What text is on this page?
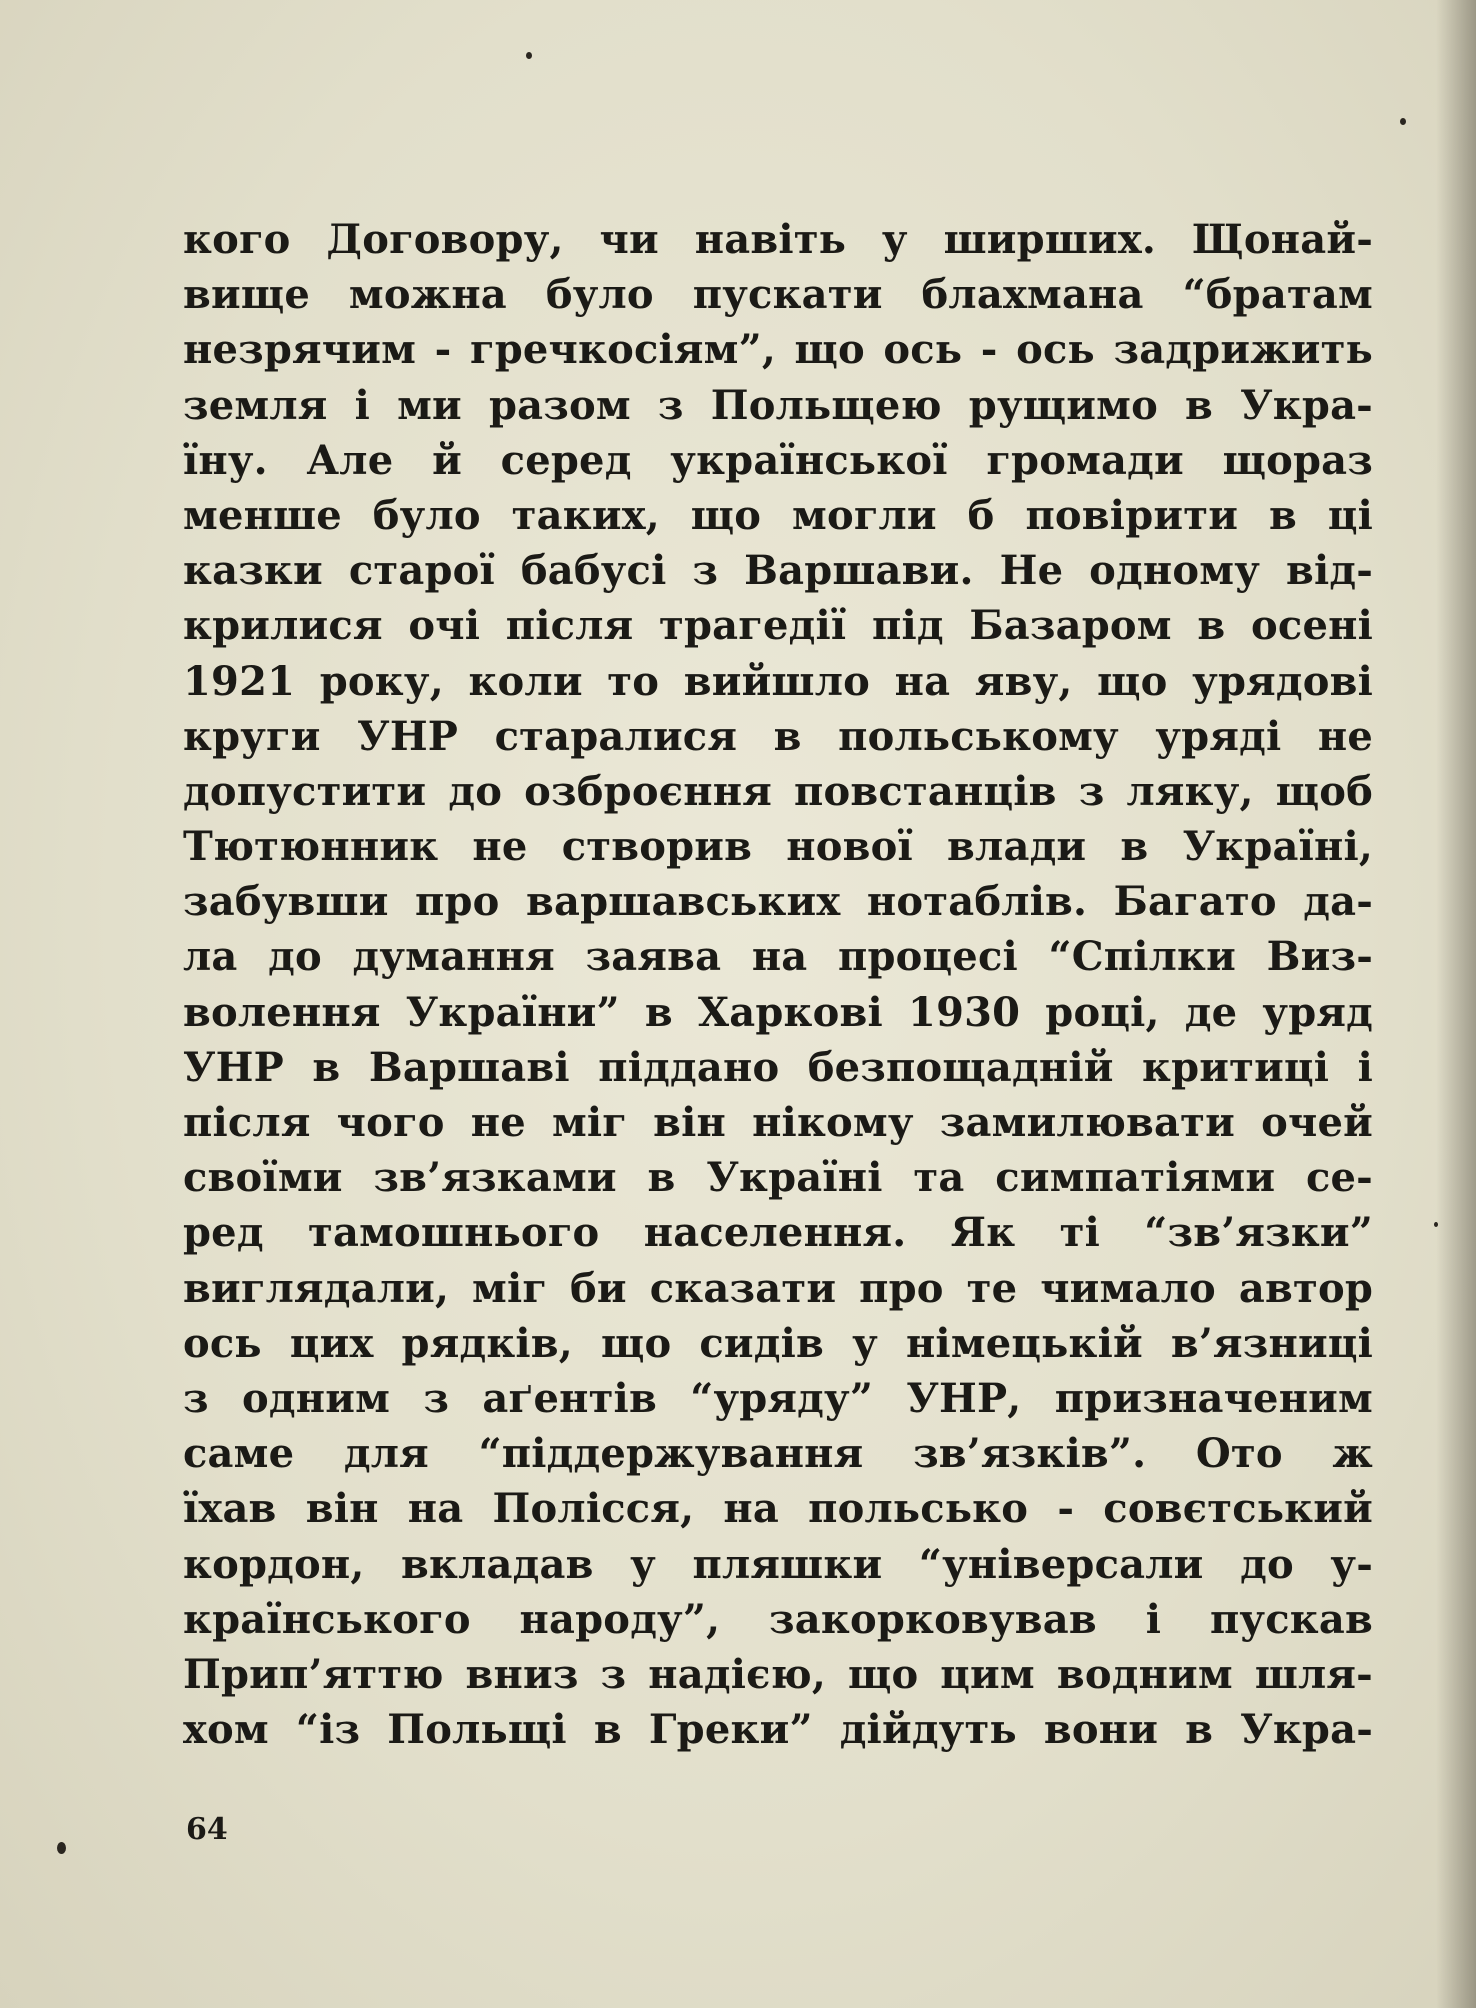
кого Договору, чи навіть у ширших. Щонай-
вище можна було пускати блахмана “братам
незрячим - гречкосіям”, що ось - ось задрижить
земля і ми разом з Польщею рущимо в Укра-
їну. Але й серед української громади щораз
менше було таких, що могли б повірити в ці
казки старої бабусі з Варшави. Не одному від-
крилися очі після трагедії під Базаром в осені
1921 року, коли то вийшло на яву, що урядові
круги УНР старалися в польському уряді не
допустити до озброєння повстанців з ляку, щоб
Тютюнник не створив нової влади в Україні,
забувши про варшавських нотаблів. Багато да-
ла до думання заява на процесі “Спілки Виз-
волення України” в Харкові 1930 році, де уряд
УНР в Варшаві піддано безпощадній критиці і
після чого не міг він нікому замилювати очей
своїми зв’язками в Україні та симпатіями се-
ред тамошнього населення. Як ті “зв’язки”
виглядали, міг би сказати про те чимало автор
ось цих рядків, що сидів у німецькій в’язниці
з одним з аґентів “уряду” УНР, призначеним
саме для “піддержування зв’язків”. Ото ж
їхав він на Полісся, на польсько - совєтський
кордон, вкладав у пляшки “універсали до у-
країнського народу”, закорковував і пускав
Прип’яттю вниз з надією, що цим водним шля-
хом “із Польщі в Греки” дійдуть вони в Укра-
64
